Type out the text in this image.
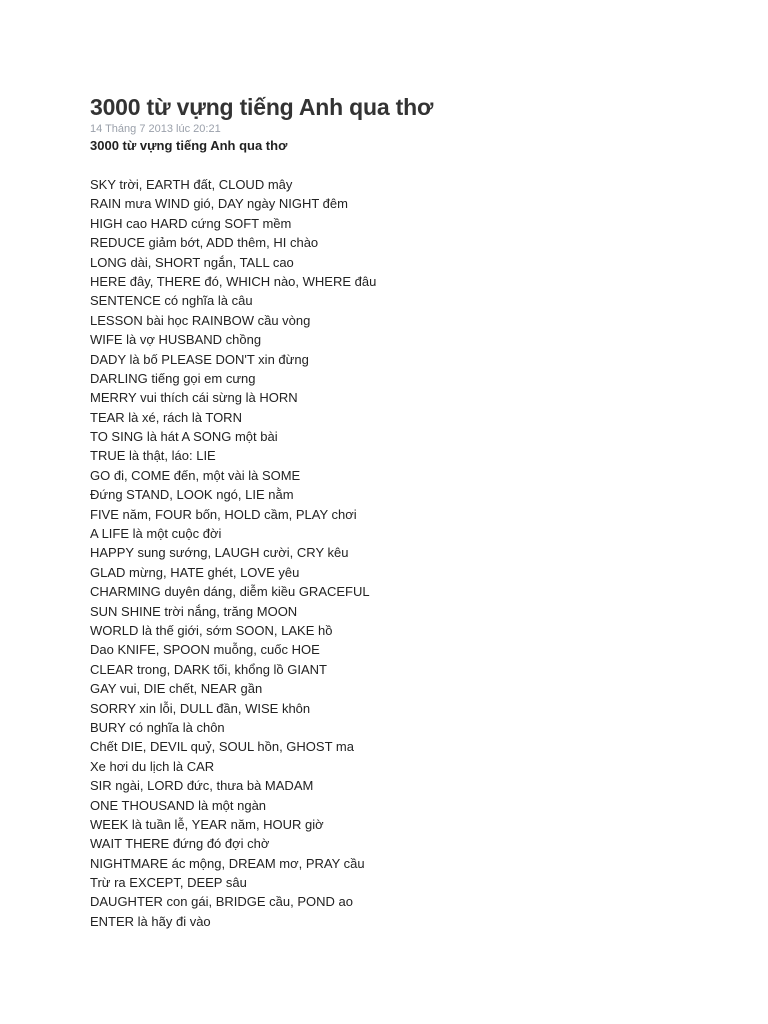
3000 từ vựng tiếng Anh qua thơ
14 Tháng 7 2013 lúc 20:21
3000 từ vựng tiếng Anh qua thơ
SKY trời, EARTH đất, CLOUD mây
RAIN mưa WIND gió, DAY ngày NIGHT đêm
HIGH cao HARD cứng SOFT mềm
REDUCE giảm bớt, ADD thêm, HI chào
LONG dài, SHORT ngắn, TALL cao
HERE đây, THERE đó, WHICH nào, WHERE đâu
SENTENCE có nghĩa là câu
LESSON bài học RAINBOW cầu vòng
WIFE là vợ HUSBAND chồng
DADY là bố PLEASE DON'T xin đừng
DARLING tiếng gọi em cưng
MERRY vui thích cái sừng là HORN
TEAR là xé, rách là TORN
TO SING là hát A SONG một bài
TRUE là thật, láo: LIE
GO đi, COME đến, một vài là SOME
Đứng STAND, LOOK ngó, LIE nằm
FIVE năm, FOUR bốn, HOLD cầm, PLAY chơi
A LIFE là một cuộc đời
HAPPY sung sướng, LAUGH cười, CRY kêu
GLAD mừng, HATE ghét, LOVE yêu
CHARMING duyên dáng, diễm kiều GRACEFUL
SUN SHINE trời nắng, trăng MOON
WORLD là thế giới, sớm SOON, LAKE hồ
Dao KNIFE, SPOON muỗng, cuốc HOE
CLEAR trong, DARK tối, khổng lồ GIANT
GAY vui, DIE chết, NEAR gần
SORRY xin lỗi, DULL đần, WISE khôn
BURY có nghĩa là chôn
Chết DIE, DEVIL quỷ, SOUL hồn, GHOST ma
Xe hơi du lịch là CAR
SIR ngài, LORD đức, thưa bà MADAM
ONE THOUSAND là một ngàn
WEEK là tuần lễ, YEAR năm, HOUR giờ
WAIT THERE đứng đó đợi chờ
NIGHTMARE ác mộng, DREAM mơ, PRAY cầu
Trừ ra EXCEPT, DEEP sâu
DAUGHTER con gái, BRIDGE cầu, POND ao
ENTER là hãy đi vào
